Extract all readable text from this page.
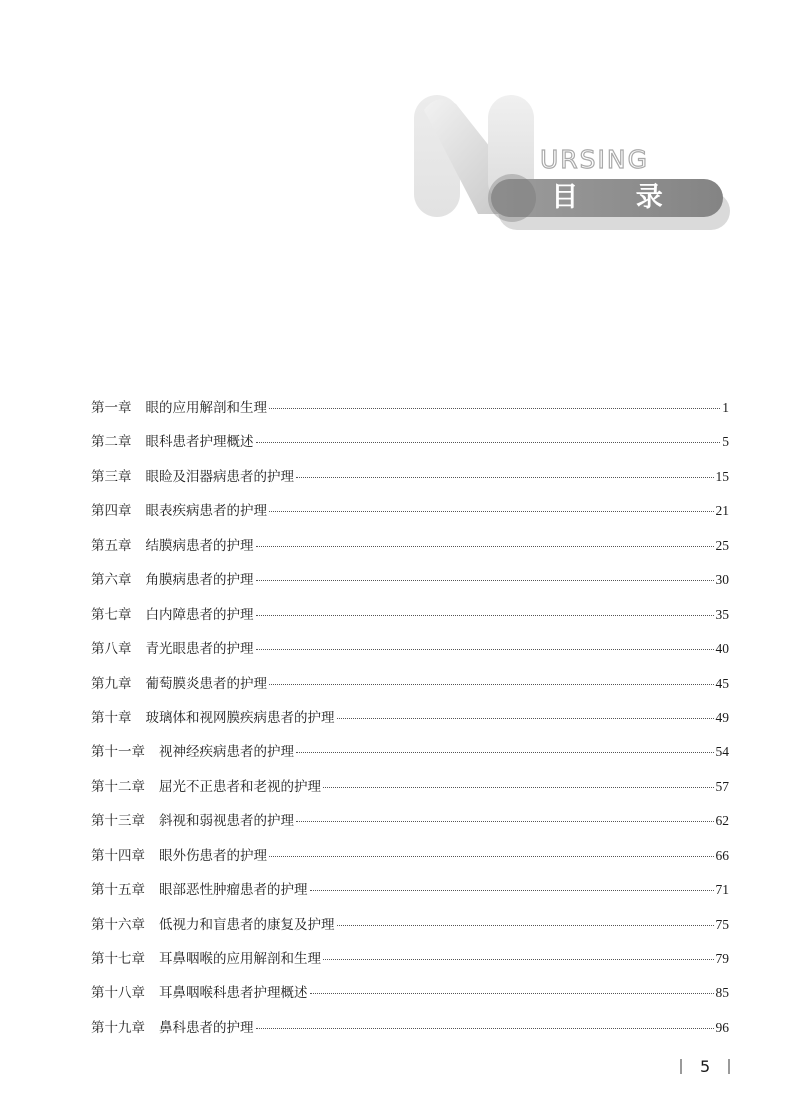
URSING
目 录
第一章 眼的应用解剖和生理	1
第二章 眼科患者护理概述	5
第三章 眼睑及泪器病患者的护理	15
第四章 眼表疾病患者的护理	21
第五章 结膜病患者的护理	25
第六章 角膜病患者的护理	30
第七章 白内障患者的护理	35
第八章 青光眼患者的护理	40
第九章 葡萄膜炎患者的护理	45
第十章 玻璃体和视网膜疾病患者的护理	49
第十一章 视神经疾病患者的护理	54
第十二章 屈光不正患者和老视的护理	57
第十三章 斜视和弱视患者的护理	62
第十四章 眼外伤患者的护理	66
第十五章 眼部恶性肿瘤患者的护理	71
第十六章 低视力和盲患者的康复及护理	75
第十七章 耳鼻咽喉的应用解剖和生理	79
第十八章 耳鼻咽喉科患者护理概述	85
第十九章 鼻科患者的护理	96
5
